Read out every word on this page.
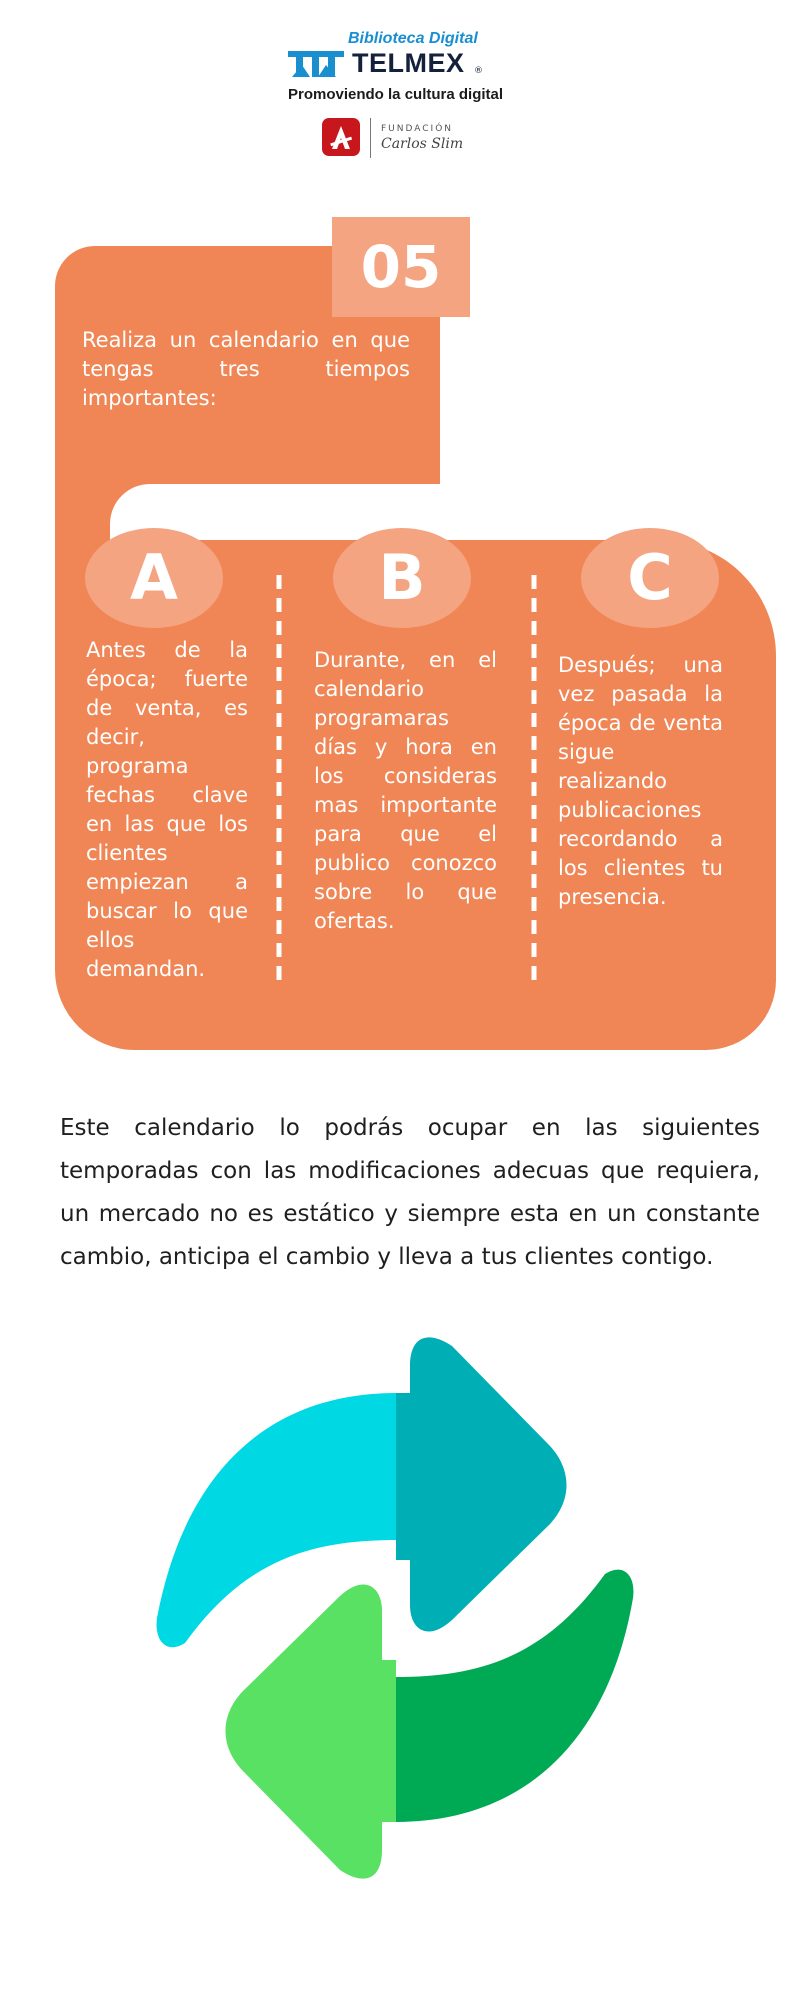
Biblioteca Digital
TELMEX ®
Promoviendo la cultura digital
FUNDACIÓN
Carlos Slim
05
Realiza un calendario en que tengas tres tiempos importantes:
A
Antes de la época; fuerte de venta, es decir, programa fechas clave en las que los clientes empiezan a buscar lo que ellos demandan.
B
Durante, en el calendario programaras días y hora en los consideras mas importante para que el publico conozco sobre lo que ofertas.
C
Después; una vez pasada la época de venta sigue realizando publicaciones recordando a los clientes tu presencia.
Este calendario lo podrás ocupar en las siguientes temporadas con las modificaciones adecuas que requiera, un mercado no es estático y siempre esta en un constante cambio, anticipa el cambio y lleva a tus clientes contigo.
